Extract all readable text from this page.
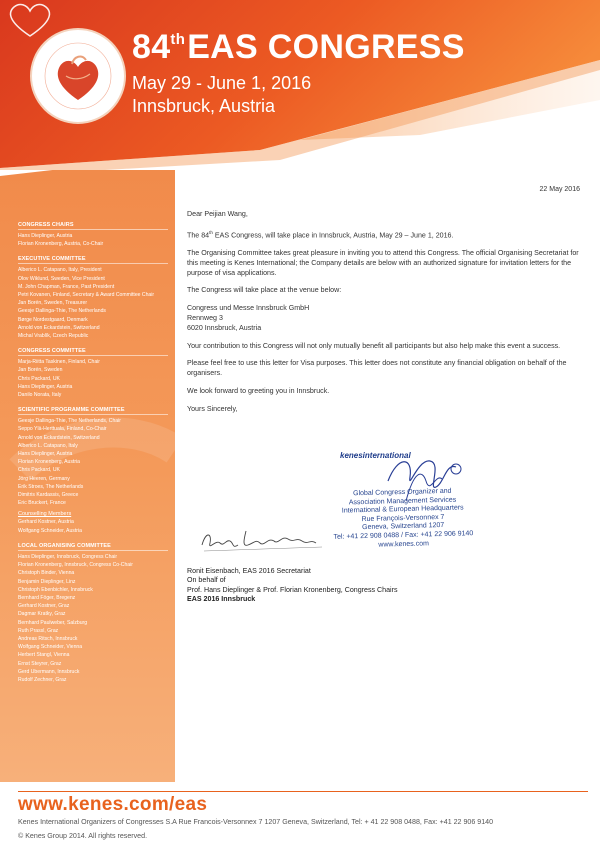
84thEAS CONGRESS
May 29 - June 1, 2016
Innsbruck, Austria
CONGRESS CHAIRS
Hans Dieplinger, Austria
Florian Kronenberg, Austria, Co-Chair
EXECUTIVE COMMITTEE
Alberico L. Catapano, Italy, President
Olov Wiklund, Sweden, Vice President
M. John Chapman, France, Past President
Petri Kovanen, Finland, Secretary & Award Committee Chair
Jan Borén, Sweden, Treasurer
Geesje Dallinga-Thie, The Netherlands
Børge Nordestgaard, Denmark
Arnold von Eckardstein, Switzerland
Michal Vrablík, Czech Republic
CONGRESS COMMITTEE
Marja-Riitta Taskinen, Finland, Chair
Jan Borén, Sweden
Chris Packard, UK
Hans Dieplinger, Austria
Danilo Norata, Italy
SCIENTIFIC PROGRAMME COMMITTEE
Geesje Dallinga-Thie, The Netherlands, Chair
Seppo Ylä-Herttuala, Finland, Co-Chair
Arnold von Eckardstein, Switzerland
Alberico L. Catapano, Italy
Hans Dieplinger, Austria
Florian Kronenberg, Austria
Chris Packard, UK
Jörg Heeren, Germany
Erik Stroes, The Netherlands
Dimitris Kardassis, Greece
Eric Bruckert, France
Counselling Members
Gerhard Kostner, Austria
Wolfgang Schneider, Austria
LOCAL ORGANISING COMMITTEE
Hans Dieplinger, Innsbruck, Congress Chair
Florian Kronenberg, Innsbruck, Congress Co-Chair
Christoph Binder, Vienna
Benjamin Dieplinger, Linz
Christoph Ebenbichler, Innsbruck
Bernhard Föger, Bregenz
Gerhard Kostner, Graz
Dagmar Kratky, Graz
Bernhard Paulweber, Salzburg
Ruth Prassl, Graz
Andreas Ritsch, Innsbruck
Wolfgang Schneider, Vienna
Herbert Stangl, Vienna
Ernst Steyrer, Graz
Gerd Ubermann, Innsbruck
Rudolf Zechner, Graz
22 May 2016

Dear Peijian Wang,

The 84th EAS Congress, will take place in Innsbruck, Austria, May 29 – June 1, 2016.

The Organising Committee takes great pleasure in inviting you to attend this Congress. The official Organising Secretariat for this meeting is Kenes International; the Company details are below with an authorized signature for invitation letters for the purpose of visa applications.

The Congress will take place at the venue below:

Congress und Messe Innsbruck GmbH

Rennweg 3

6020 Innsbruck, Austria

Your contribution to this Congress will not only mutually benefit all participants but also help make this event a success.

Please feel free to use this letter for Visa purposes. This letter does not constitute any financial obligation on behalf of the organisers.

We look forward to greeting you in Innsbruck.

Yours Sincerely,

kenesinternational
Global Congress Organizer and
Association Management Services
International & European Headquarters
Rue François-Versonnex 7
Geneva, Switzerland 1207
Tel: +41 22 908 0488 / Fax: +41 22 906 9140
www.kenes.com
Ronit Eisenbach, EAS 2016 Secretariat
On behalf of
Prof. Hans Dieplinger & Prof. Florian Kronenberg, Congress Chairs
EAS 2016 Innsbruck
www.kenes.com/eas
Kenes International Organizers of Congresses S.A Rue Francois-Versonnex 7 1207 Geneva, Switzerland, Tel: + 41 22 908 0488, Fax: +41 22 906 9140
© Kenes Group 2014. All rights reserved.
